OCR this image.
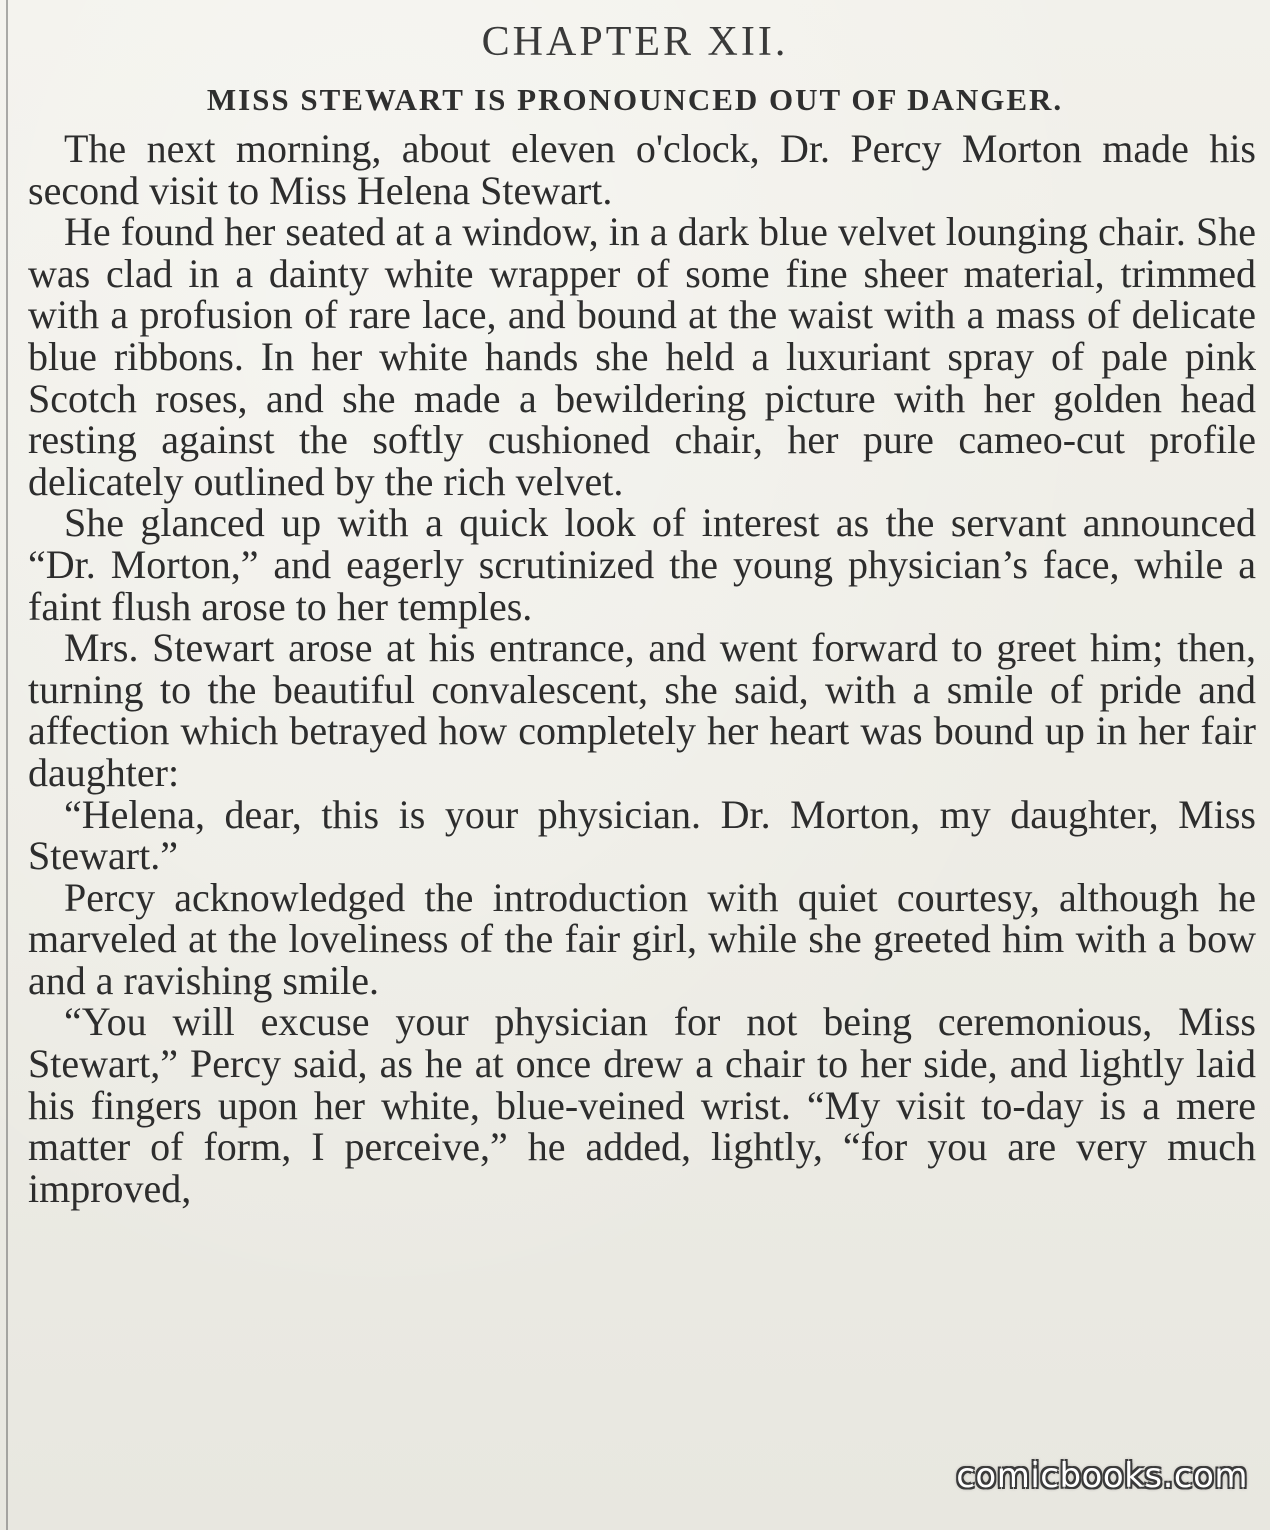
CHAPTER XII.
MISS STEWART IS PRONOUNCED OUT OF DANGER.

The next morning, about eleven o'clock, Dr. Percy Morton made his second visit to Miss Helena Stewart.

He found her seated at a window, in a dark blue velvet lounging chair. She was clad in a dainty white wrapper of some fine sheer material, trimmed with a profusion of rare lace, and bound at the waist with a mass of delicate blue ribbons. In her white hands she held a luxuriant spray of pale pink Scotch roses, and she made a bewildering picture with her golden head resting against the softly cushioned chair, her pure cameo-cut profile delicately outlined by the rich velvet.

She glanced up with a quick look of interest as the servant announced “Dr. Morton,” and eagerly scrutinized the young physician’s face, while a faint flush arose to her temples.

Mrs. Stewart arose at his entrance, and went forward to greet him; then, turning to the beautiful convalescent, she said, with a smile of pride and affection which betrayed how completely her heart was bound up in her fair daughter:

“Helena, dear, this is your physician. Dr. Morton, my daughter, Miss Stewart.”

Percy acknowledged the introduction with quiet courtesy, although he marveled at the loveliness of the fair girl, while she greeted him with a bow and a ravishing smile.

“You will excuse your physician for not being ceremonious, Miss Stewart,” Percy said, as he at once drew a chair to her side, and lightly laid his fingers upon her white, blue-veined wrist. “My visit to-day is a mere matter of form, I perceive,” he added, lightly, “for you are very much improved,

comicbooks.com
